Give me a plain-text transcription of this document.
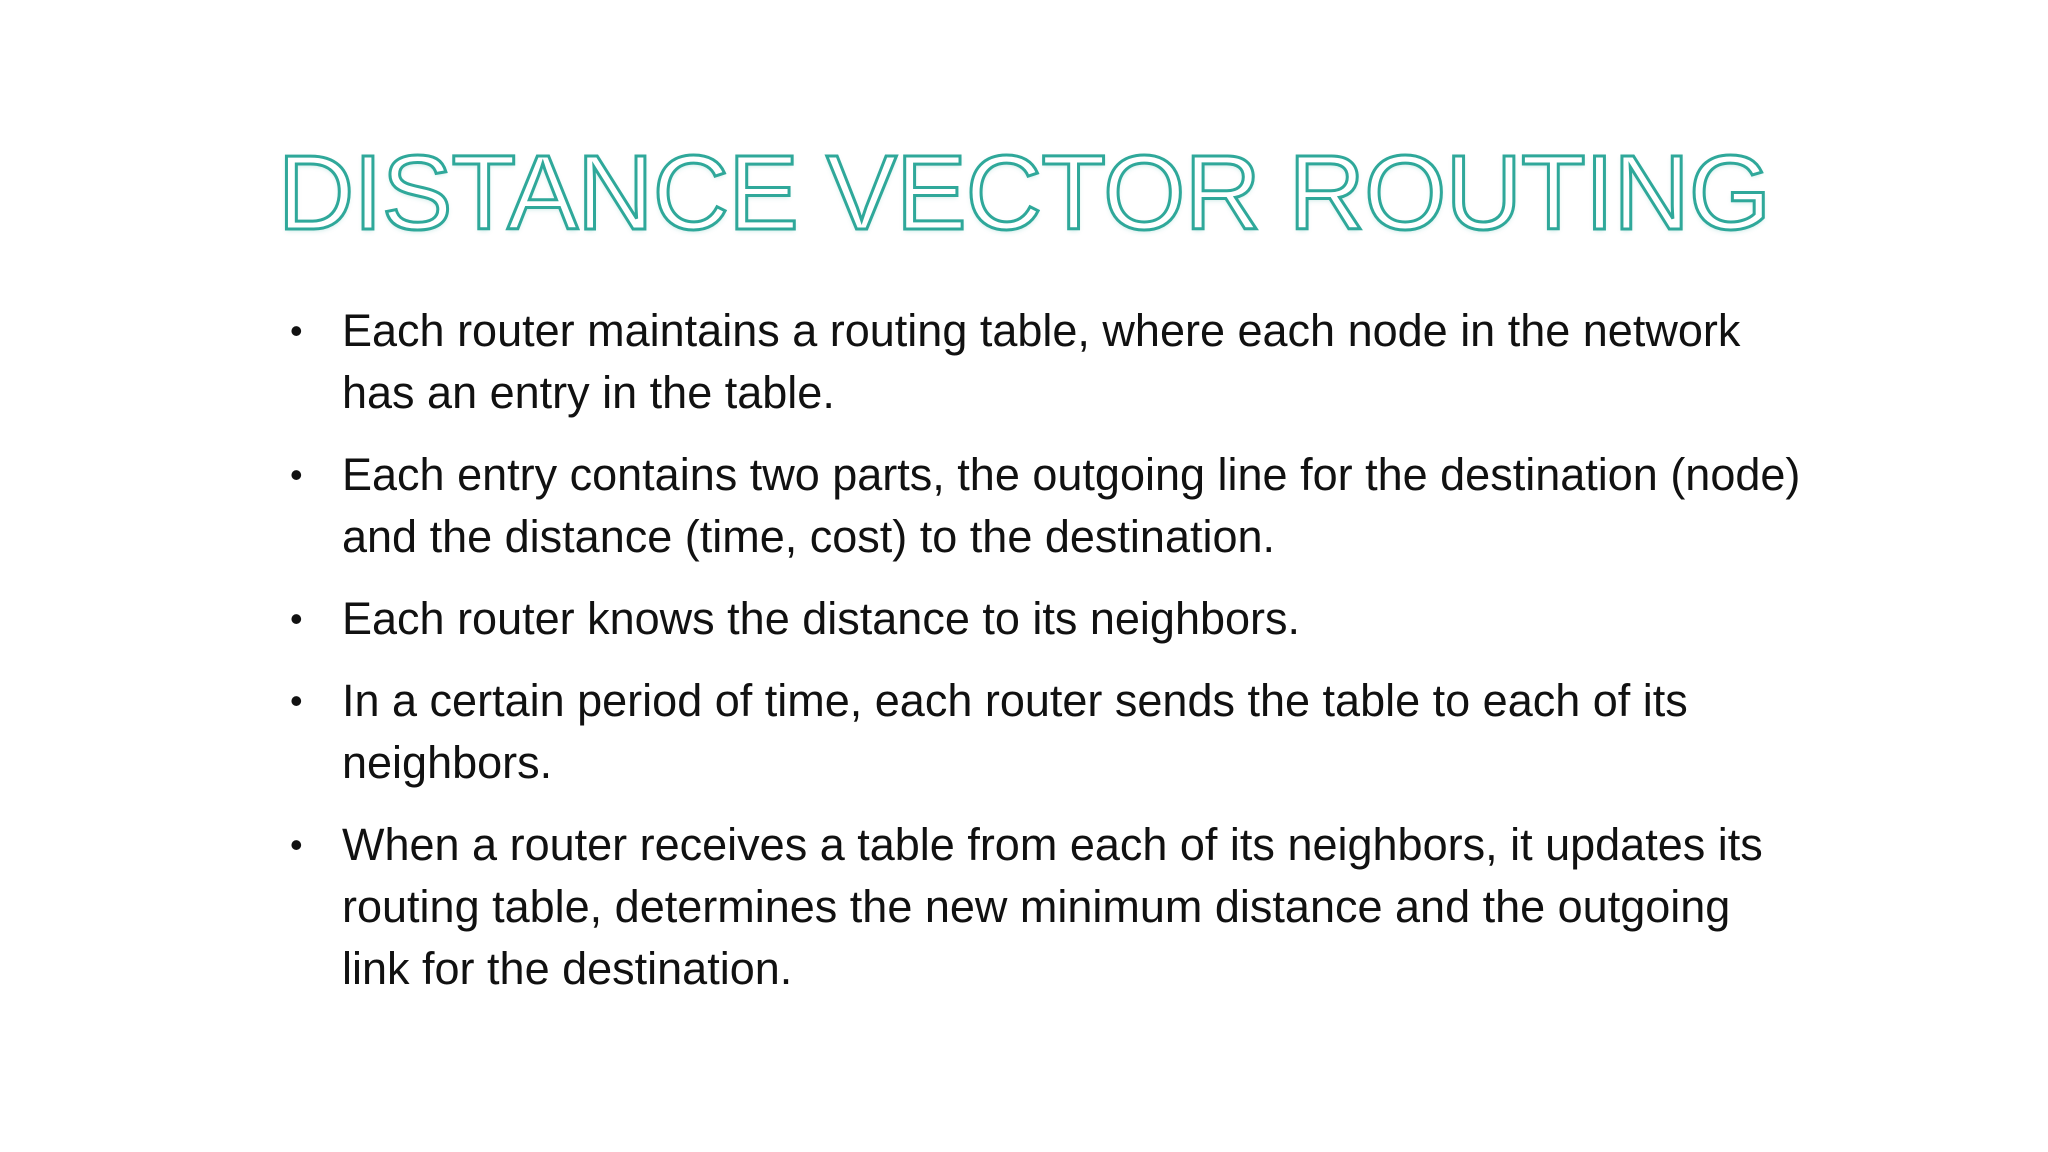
DISTANCE VECTOR ROUTING
• Each router maintains a routing table, where each node in the network has an entry in the table.
• Each entry contains two parts, the outgoing line for the destination (node) and the distance (time, cost) to the destination.
• Each router knows the distance to its neighbors.
• In a certain period of time, each router sends the table to each of its neighbors.
• When a router receives a table from each of its neighbors, it updates its routing table, determines the new minimum distance and the outgoing link for the destination.
